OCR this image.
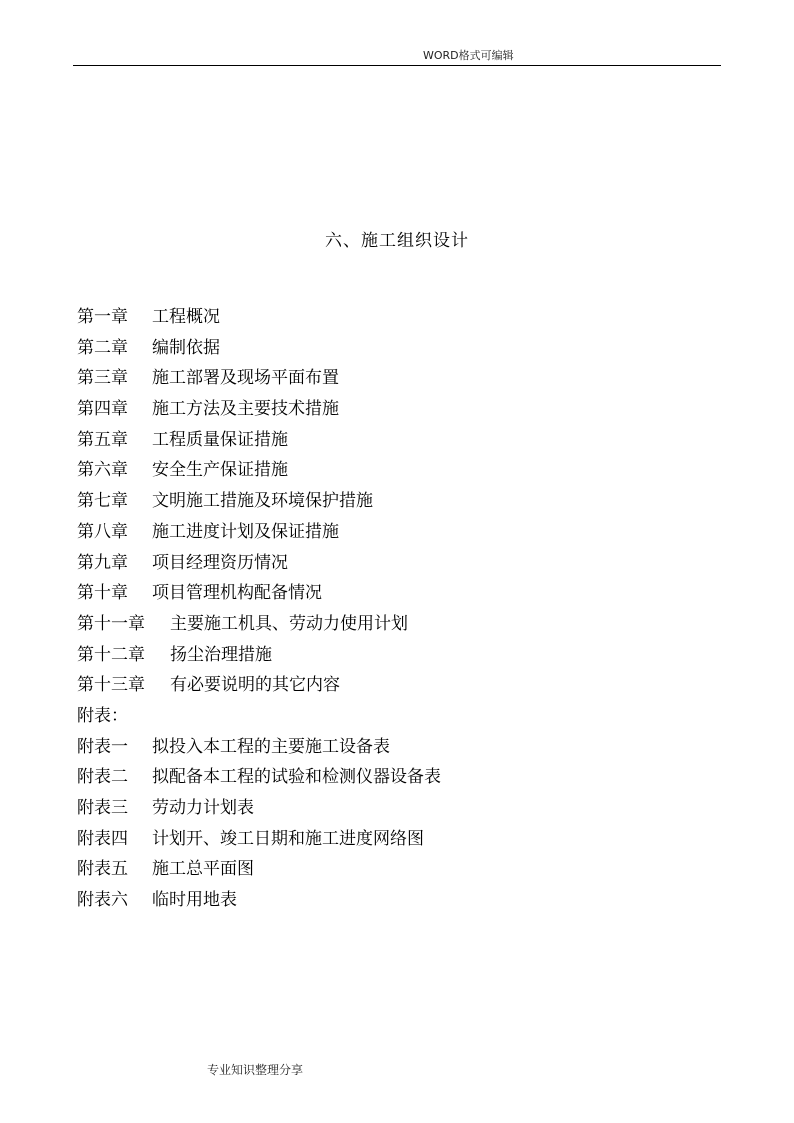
WORD格式可编辑
六、施工组织设计
第一章 工程概况
第二章 编制依据
第三章 施工部署及现场平面布置
第四章 施工方法及主要技术措施
第五章 工程质量保证措施
第六章 安全生产保证措施
第七章 文明施工措施及环境保护措施
第八章 施工进度计划及保证措施
第九章 项目经理资历情况
第十章 项目管理机构配备情况
第十一章 主要施工机具、劳动力使用计划
第十二章 扬尘治理措施
第十三章 有必要说明的其它内容
附表：
附表一 拟投入本工程的主要施工设备表
附表二 拟配备本工程的试验和检测仪器设备表
附表三 劳动力计划表
附表四 计划开、竣工日期和施工进度网络图
附表五 施工总平面图
附表六 临时用地表
专业知识整理分享
